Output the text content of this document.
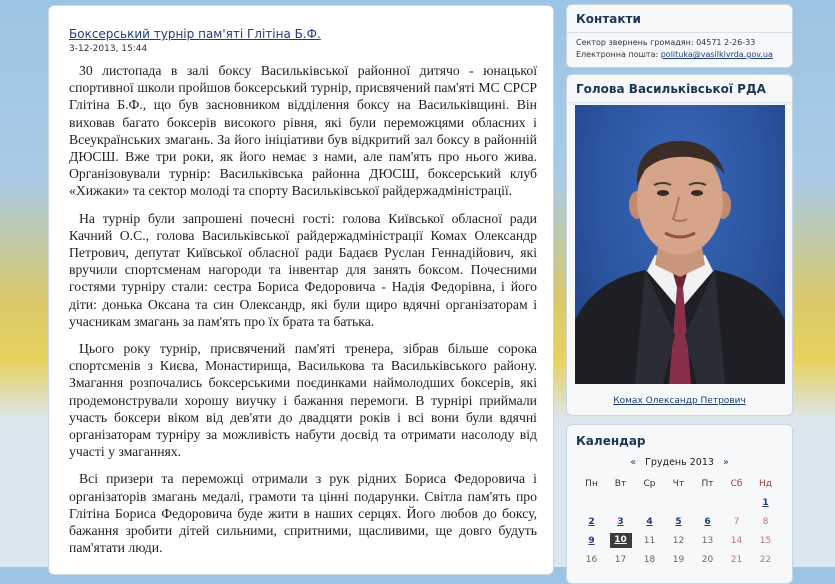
Боксерський турнір пам'яті Глітіна Б.Ф.
3-12-2013, 15:44

30 листопада в залі боксу Васильківської районної дитячо - юнацької спортивної школи пройшов боксерський турнір, присвячений пам'яті МС СРСР Глітіна Б.Ф., що був засновником відділення боксу на Васильківщині. Він виховав багато боксерів високого рівня, які були переможцями обласних і Всеукраїнських змагань. За його ініціативи був відкритий зал боксу в районній ДЮСШ. Вже три роки, як його немає з нами, але пам'ять про нього жива. Організовували турнір: Васильківська районна ДЮСШ, боксерський клуб «Хижаки» та сектор молоді та спорту Васильківської райдержадміністрації.

На турнір були запрошені почесні гості: голова Київської обласної ради Качний О.С., голова Васильківської райдержадміністрації Комах Олександр Петрович, депутат Київської обласної ради Бадаєв Руслан Геннадійович, які вручили спортсменам нагороди та інвентар для занять боксом. Почесними гостями турніру стали: сестра Бориса Федоровича - Надія Федорівна, і його діти: донька Оксана та син Олександр, які були щиро вдячні організаторам і учасникам змагань за пам'ять про їх брата та батька.

Цього року турнір, присвячений пам'яті тренера, зібрав більше сорока спортсменів з Києва, Монастирища, Василькова та Васильківського району. Змагання розпочались боксерськими поєдинками наймолодших боксерів, які продемонстрували хорошу виучку і бажання перемоги. В турнірі приймали участь боксери віком від дев'яти до двадцяти років і всі вони були вдячні організаторам турніру за можливість набути досвід та отримати насолоду від участі у змаганнях.

Всі призери та переможці отримали з рук рідних Бориса Федоровича і організаторів змагань медалі, грамоти та цінні подарунки. Світла пам'ять про Глітіна Бориса Федоровича буде жити в наших серцях. Його любов до боксу, бажання зробити дітей сильними, спритними, щасливими, ще довго будуть пам'ятати люди.

Контакти
Сектор звернень громадян: 04571 2-26-33
Електронна пошта: polituka@vasilkivrda.gov.ua
Голова Васильківської РДА
Комах Олександр Петрович
Календар
« Грудень 2013 »
Пн	Вт	Ср	Чт	Пт	Сб	Нд
						1
2	3	4	5	6	7	8
9	10	11	12	13	14	15
16	17	18	19	20	21	22
